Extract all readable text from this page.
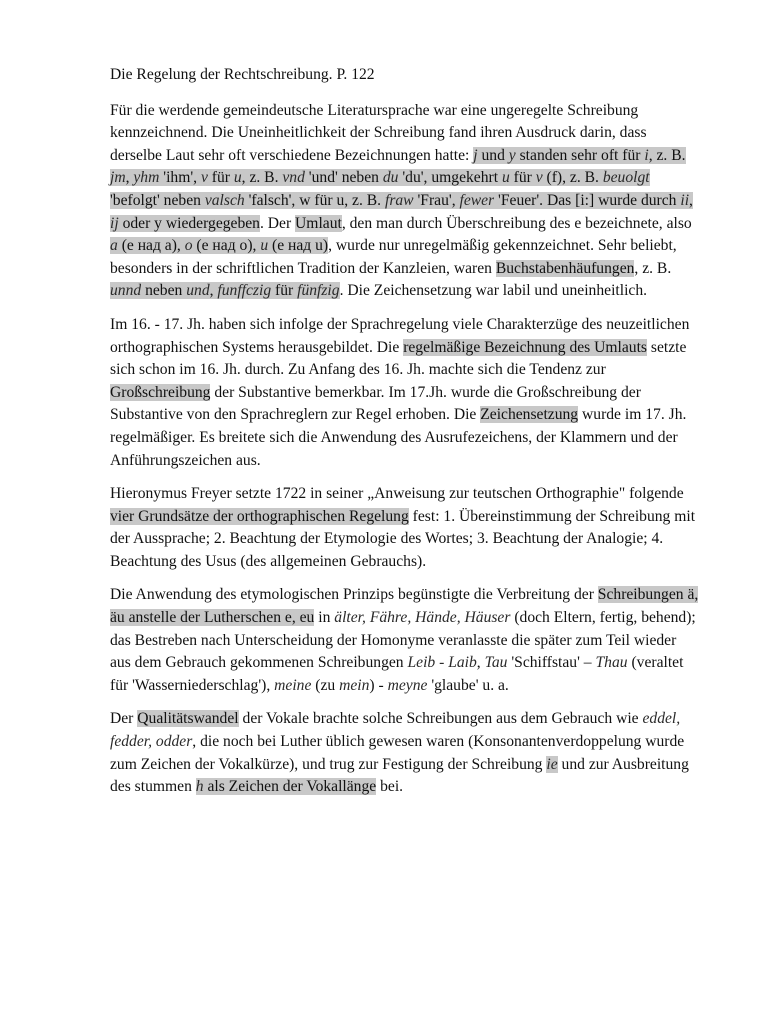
Die Regelung der Rechtschreibung. P. 122

Für die werdende gemeindeutsche Literatursprache war eine ungeregelte Schreibung kennzeichnend. Die Uneinheitlichkeit der Schreibung fand ihren Ausdruck darin, dass derselbe Laut sehr oft verschiedene Bezeichnungen hatte: j und y standen sehr oft für i, z. B. jm, yhm 'ihm', v für u, z. B. vnd 'und' neben du 'du', umgekehrt u für v (f), z. B. beuolgt 'befolgt' neben valsch 'falsch', w für u, z. B. fraw 'Frau', fewer 'Feuer'. Das [i:] wurde durch ii, ij oder y wiedergegeben. Der Umlaut, den man durch Überschreibung des e bezeichnete, also a (e над a), o (e над o), u (e над u), wurde nur unregelmäßig gekennzeichnet. Sehr beliebt, besonders in der schriftlichen Tradition der Kanzleien, waren Buchstabenhäufungen, z. B. unnd neben und, funffczig für fünfzig. Die Zeichensetzung war labil und uneinheitlich.

Im 16. - 17. Jh. haben sich infolge der Sprachregelung viele Charakterzüge des neuzeitlichen orthographischen Systems herausgebildet. Die regelmäßige Bezeichnung des Umlauts setzte sich schon im 16. Jh. durch. Zu Anfang des 16. Jh. machte sich die Tendenz zur Großschreibung der Substantive bemerkbar. Im 17.Jh. wurde die Großschreibung der Substantive von den Sprachreglern zur Regel erhoben. Die Zeichensetzung wurde im 17. Jh. regelmäßiger. Es breitete sich die Anwendung des Ausrufezeichens, der Klammern und der Anführungszeichen aus.

Hieronymus Freyer setzte 1722 in seiner „Anweisung zur teutschen Orthographie" folgende vier Grundsätze der orthographischen Regelung fest: 1. Übereinstimmung der Schreibung mit der Aussprache; 2. Beachtung der Etymologie des Wortes; 3. Beachtung der Analogie; 4. Beachtung des Usus (des allgemeinen Gebrauchs).

Die Anwendung des etymologischen Prinzips begünstigte die Verbreitung der Schreibungen ä, äu anstelle der Lutherschen e, eu in älter, Fähre, Hände, Häuser (doch Eltern, fertig, behend); das Bestreben nach Unterscheidung der Homonyme veranlasste die später zum Teil wieder aus dem Gebrauch gekommenen Schreibungen Leib - Laib, Tau 'Schiffstau' – Thau (veraltet für 'Wasserniederschlag'), meine (zu mein) - meyne 'glaube' u. a.

Der Qualitätswandel der Vokale brachte solche Schreibungen aus dem Gebrauch wie eddel, fedder, odder, die noch bei Luther üblich gewesen waren (Konsonantenverdoppelung wurde zum Zeichen der Vokalkürze), und trug zur Festigung der Schreibung ie und zur Ausbreitung des stummen h als Zeichen der Vokallänge bei.
